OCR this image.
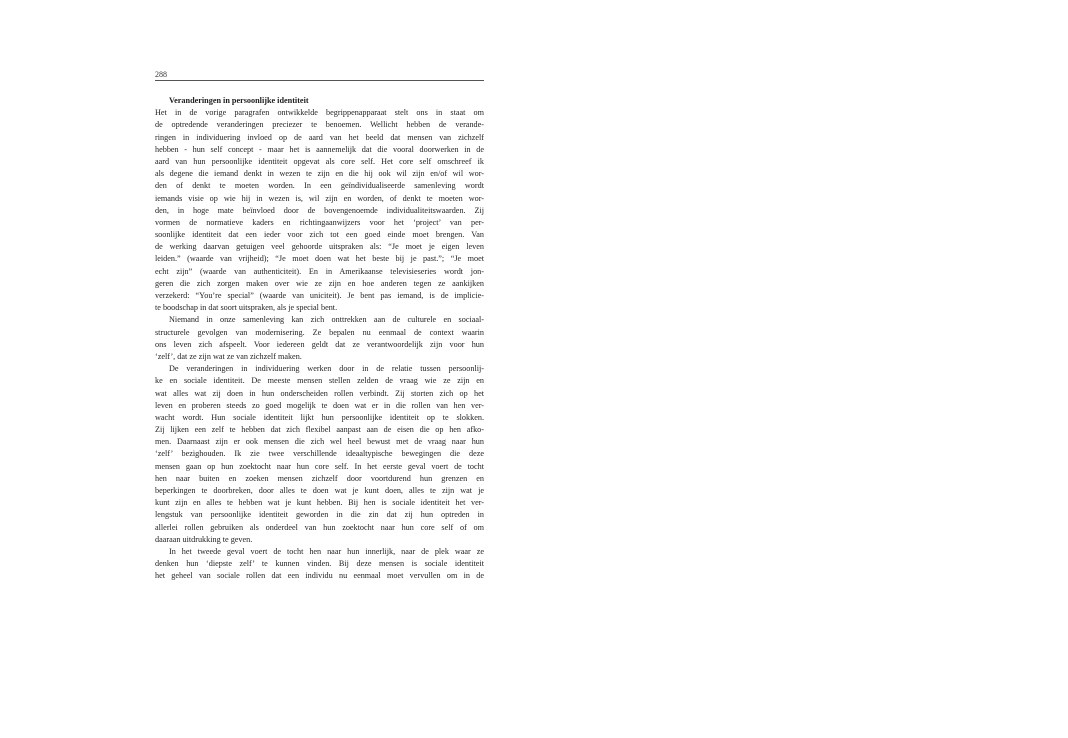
288
Veranderingen in persoonlijke identiteit
Het in de vorige paragrafen ontwikkelde begrippenapparaat stelt ons in staat om
de optredende veranderingen preciezer te benoemen. Wellicht hebben de verande-
ringen in individuering invloed op de aard van het beeld dat mensen van zichzelf
hebben - hun self concept - maar het is aannemelijk dat die vooral doorwerken in de
aard van hun persoonlijke identiteit opgevat als core self. Het core self omschreef ik
als degene die iemand denkt in wezen te zijn en die hij ook wil zijn en/of wil wor-
den of denkt te moeten worden. In een geïndividualiseerde samenleving wordt
iemands visie op wie hij in wezen is, wil zijn en worden, of denkt te moeten wor-
den, in hoge mate beïnvloed door de bovengenoemde individualiteitswaarden. Zij
vormen de normatieve kaders en richtingaanwijzers voor het ‘project’ van per-
soonlijke identiteit dat een ieder voor zich tot een goed einde moet brengen. Van
de werking daarvan getuigen veel gehoorde uitspraken als: “Je moet je eigen leven
leiden.” (waarde van vrijheid); “Je moet doen wat het beste bij je past.”; “Je moet
echt zijn” (waarde van authenticiteit). En in Amerikaanse televisieseries wordt jon-
geren die zich zorgen maken over wie ze zijn en hoe anderen tegen ze aankijken
verzekerd: “You’re special” (waarde van uniciteit). Je bent pas iemand, is de implicie-
te boodschap in dat soort uitspraken, als je special bent.
Niemand in onze samenleving kan zich onttrekken aan de culturele en sociaal-
structurele gevolgen van modernisering. Ze bepalen nu eenmaal de context waarin
ons leven zich afspeelt. Voor iedereen geldt dat ze verantwoordelijk zijn voor hun
‘zelf’, dat ze zijn wat ze van zichzelf maken.
De veranderingen in individuering werken door in de relatie tussen persoonlij-
ke en sociale identiteit. De meeste mensen stellen zelden de vraag wie ze zijn en
wat alles wat zij doen in hun onderscheiden rollen verbindt. Zij storten zich op het
leven en proberen steeds zo goed mogelijk te doen wat er in die rollen van hen ver-
wacht wordt. Hun sociale identiteit lijkt hun persoonlijke identiteit op te slokken.
Zij lijken een zelf te hebben dat zich flexibel aanpast aan de eisen die op hen afko-
men. Daarnaast zijn er ook mensen die zich wel heel bewust met de vraag naar hun
‘zelf’ bezighouden. Ik zie twee verschillende ideaaltypische bewegingen die deze
mensen gaan op hun zoektocht naar hun core self. In het eerste geval voert de tocht
hen naar buiten en zoeken mensen zichzelf door voortdurend hun grenzen en
beperkingen te doorbreken, door alles te doen wat je kunt doen, alles te zijn wat je
kunt zijn en alles te hebben wat je kunt hebben. Bij hen is sociale identiteit het ver-
lengstuk van persoonlijke identiteit geworden in die zin dat zij hun optreden in
allerlei rollen gebruiken als onderdeel van hun zoektocht naar hun core self of om
daaraan uitdrukking te geven.
In het tweede geval voert de tocht hen naar hun innerlijk, naar de plek waar ze
denken hun ‘diepste zelf’ te kunnen vinden. Bij deze mensen is sociale identiteit
het geheel van sociale rollen dat een individu nu eenmaal moet vervullen om in de
